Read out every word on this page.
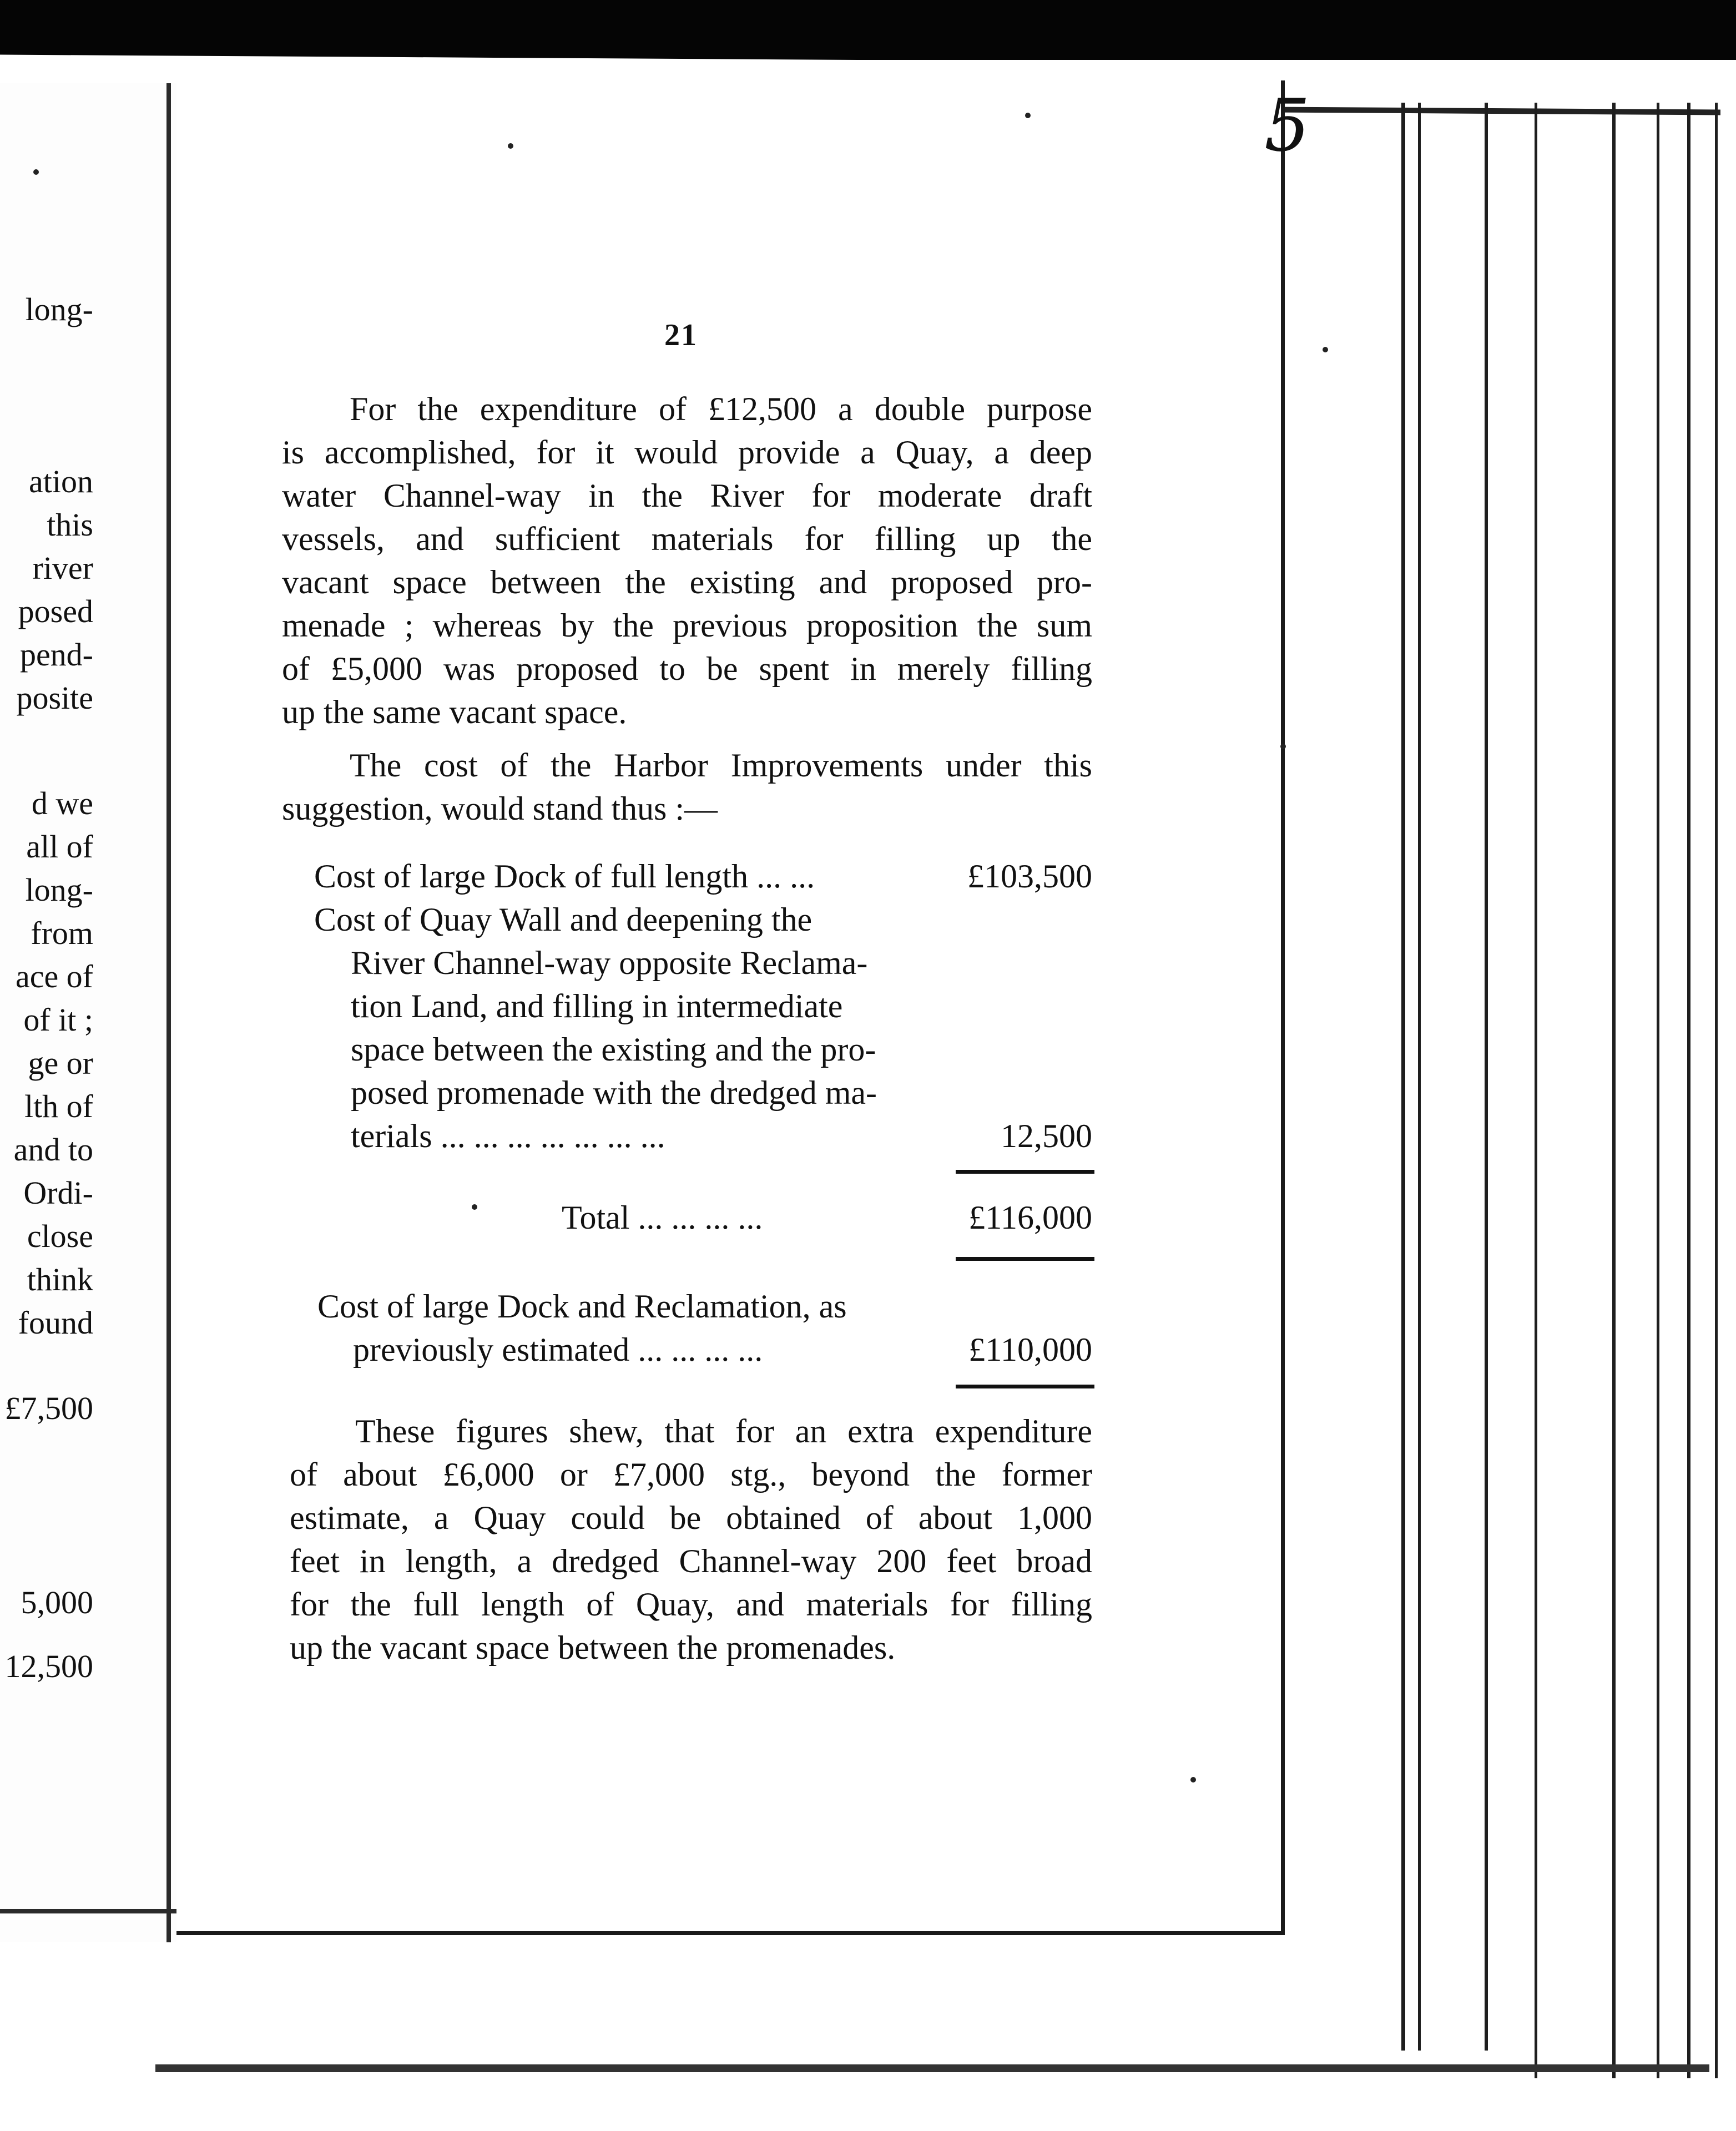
long-
ation
this
river
posed
pend-
posite
d we
all of
long-
from
ace of
of it ;
ge or
lth of
and to
Ordi-
close
think
found
£7,500
5,000
12,500
21
For the expenditure of £12,500 a double purpose
is accomplished, for it would provide a Quay, a deep
water Channel-way in the River for moderate draft
vessels, and sufficient materials for filling up the
vacant space between the existing and proposed pro-
menade ; whereas by the previous proposition the sum
of £5,000 was proposed to be spent in merely filling
up the same vacant space.
The cost of the Harbor Improvements under this
suggestion, would stand thus :—
Cost of large Dock of full length ... ...	£103,500
Cost of Quay Wall and deepening the
River Channel-way opposite Reclama-
tion Land, and filling in intermediate
space between the existing and the pro-
posed promenade with the dredged ma-
terials ... ... ... ... ... ... ...	12,500
Total ... ... ... ...	£116,000
Cost of large Dock and Reclamation, as
previously estimated ... ... ... ...	£110,000
These figures shew, that for an extra expenditure
of about £6,000 or £7,000 stg., beyond the former
estimate, a Quay could be obtained of about 1,000
feet in length, a dredged Channel-way 200 feet broad
for the full length of Quay, and materials for filling
up the vacant space between the promenades.
5
